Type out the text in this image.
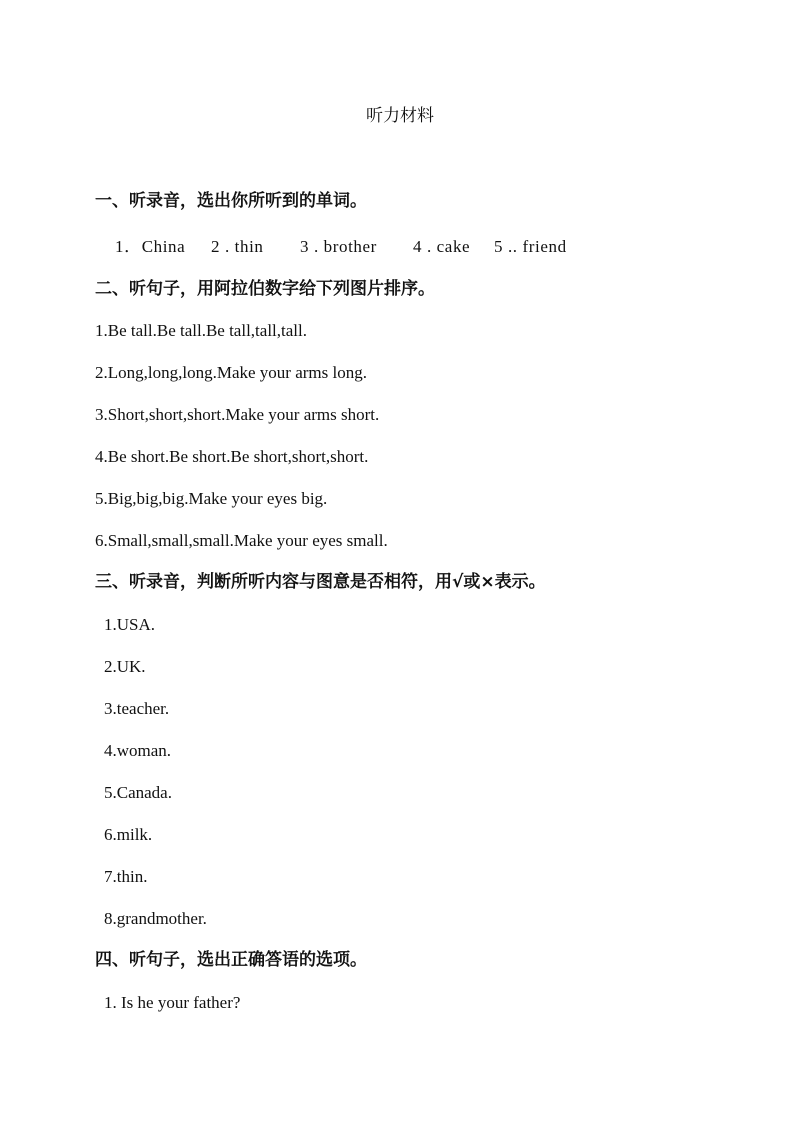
听力材料
一、听录音，选出你所听到的单词。
1．China 2 . thin 3 . brother 4 . cake 5 .. friend
二、听句子，用阿拉伯数字给下列图片排序。
1.Be tall.Be tall.Be tall,tall,tall.
2.Long,long,long.Make your arms long.
3.Short,short,short.Make your arms short.
4.Be short.Be short.Be short,short,short.
5.Big,big,big.Make your eyes big.
6.Small,small,small.Make your eyes small.
三、听录音，判断所听内容与图意是否相符，用√或×表示。
1.USA.
2.UK.
3.teacher.
4.woman.
5.Canada.
6.milk.
7.thin.
8.grandmother.
四、听句子，选出正确答语的选项。
1. Is he your father?
